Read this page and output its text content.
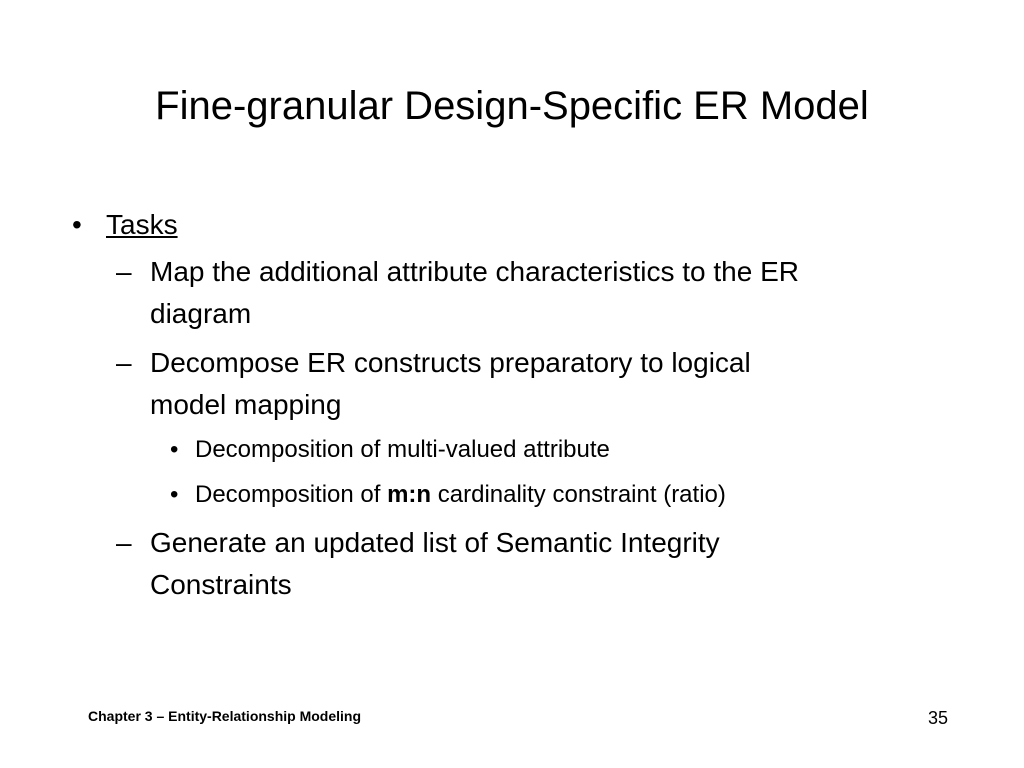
Fine-granular Design-Specific ER Model
• Tasks
– Map the additional attribute characteristics to the ER
diagram
– Decompose ER constructs preparatory to logical
model mapping
• Decomposition of multi-valued attribute
• Decomposition of m:n cardinality constraint (ratio)
– Generate an updated list of Semantic Integrity
Constraints
Chapter 3 – Entity-Relationship Modeling	35
